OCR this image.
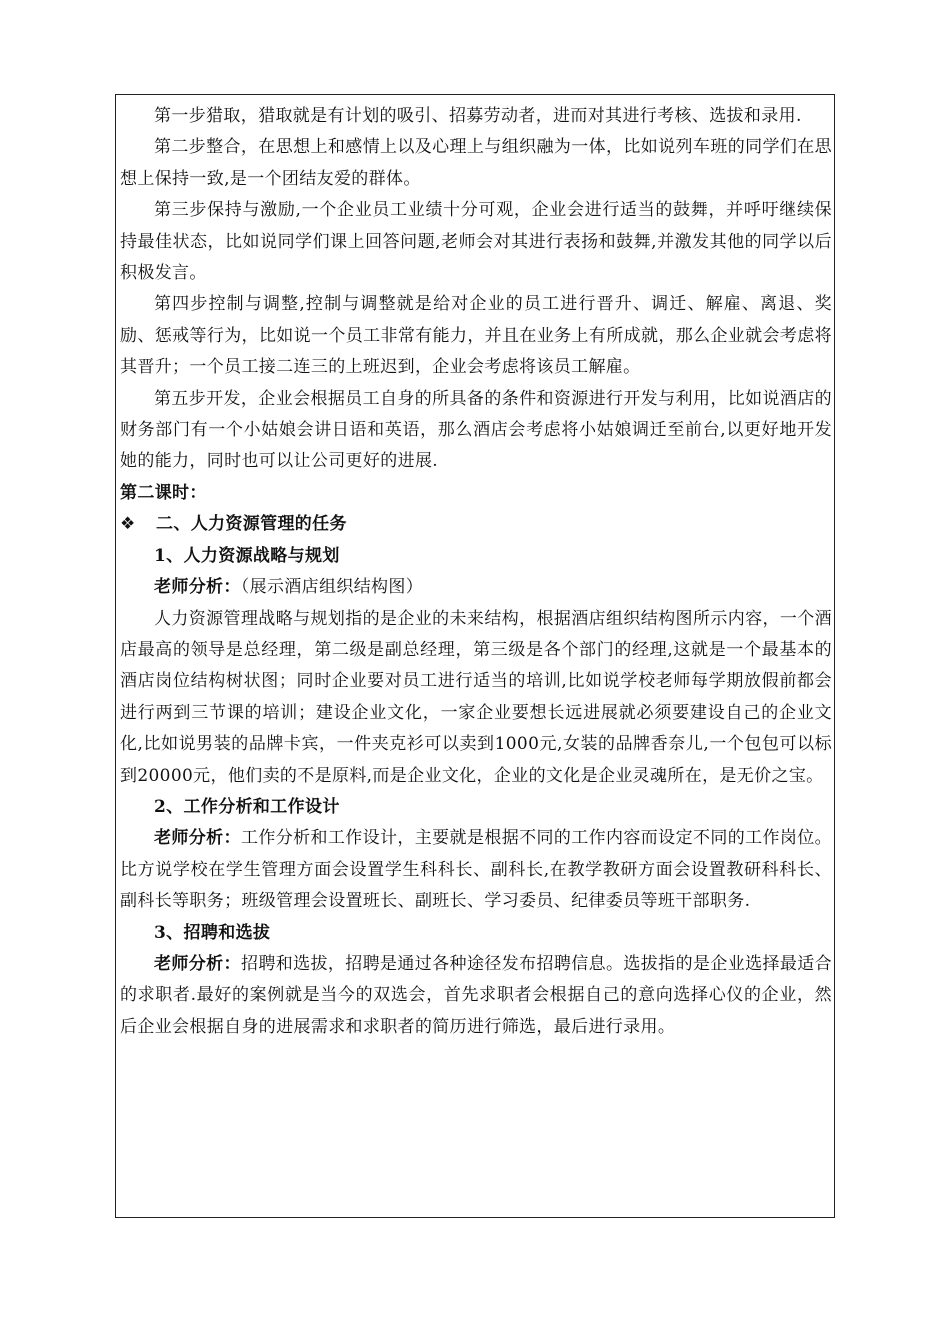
第一步猎取，猎取就是有计划的吸引、招募劳动者，进而对其进行考核、选拔和录用.

第二步整合，在思想上和感情上以及心理上与组织融为一体，比如说列车班的同学们在思想上保持一致,是一个团结友爱的群体。

第三步保持与激励,一个企业员工业绩十分可观，企业会进行适当的鼓舞，并呼吁继续保持最佳状态，比如说同学们课上回答问题,老师会对其进行表扬和鼓舞,并激发其他的同学以后积极发言。

第四步控制与调整,控制与调整就是给对企业的员工进行晋升、调迁、解雇、离退、奖励、惩戒等行为，比如说一个员工非常有能力，并且在业务上有所成就，那么企业就会考虑将其晋升；一个员工接二连三的上班迟到，企业会考虑将该员工解雇。

第五步开发，企业会根据员工自身的所具备的条件和资源进行开发与利用，比如说酒店的财务部门有一个小姑娘会讲日语和英语，那么酒店会考虑将小姑娘调迁至前台,以更好地开发她的能力，同时也可以让公司更好的进展.

第二课时：

❖ 二、人力资源管理的任务

1、人力资源战略与规划

老师分析：（展示酒店组织结构图）

人力资源管理战略与规划指的是企业的未来结构，根据酒店组织结构图所示内容，一个酒店最高的领导是总经理，第二级是副总经理，第三级是各个部门的经理,这就是一个最基本的酒店岗位结构树状图；同时企业要对员工进行适当的培训,比如说学校老师每学期放假前都会进行两到三节课的培训；建设企业文化，一家企业要想长远进展就必须要建设自己的企业文化,比如说男装的品牌卡宾，一件夹克衫可以卖到1000元,女装的品牌香奈儿,一个包包可以标到20000元，他们卖的不是原料,而是企业文化，企业的文化是企业灵魂所在，是无价之宝。

2、工作分析和工作设计

老师分析：工作分析和工作设计，主要就是根据不同的工作内容而设定不同的工作岗位。比方说学校在学生管理方面会设置学生科科长、副科长,在教学教研方面会设置教研科科长、副科长等职务；班级管理会设置班长、副班长、学习委员、纪律委员等班干部职务.

3、招聘和选拔

老师分析：招聘和选拔，招聘是通过各种途径发布招聘信息。选拔指的是企业选择最适合的求职者.最好的案例就是当今的双选会，首先求职者会根据自己的意向选择心仪的企业，然后企业会根据自身的进展需求和求职者的简历进行筛选，最后进行录用。
